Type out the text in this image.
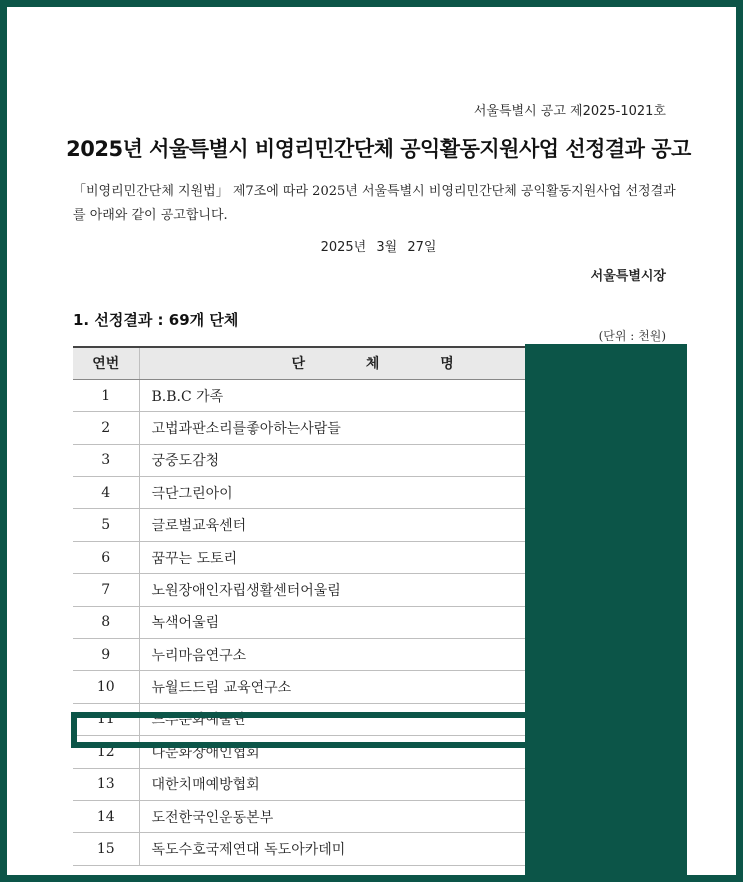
서울특별시 공고 제2025-1021호
2025년 서울특별시 비영리민간단체 공익활동지원사업 선정결과 공고
「비영리민간단체 지원법」 제7조에 따라 2025년 서울특별시 비영리민간단체 공익활동지원사업 선정결과를 아래와 같이 공고합니다.
2025년 3월 27일
서울특별시장
1. 선정결과 : 69개 단체
(단위 : 천원)
연번	단 체 명
1	B.B.C 가족
2	고법과판소리를좋아하는사람들
3	궁중도감청
4	극단그린아이
5	글로벌교육센터
6	꿈꾸는 도토리
7	노원장애인자립생활센터어울림
8	녹색어울림
9	누리마음연구소
10	뉴월드드림 교육연구소
11	느루문화예술단
12	다문화장애인협회
13	대한치매예방협회
14	도전한국인운동본부
15	독도수호국제연대 독도아카데미
